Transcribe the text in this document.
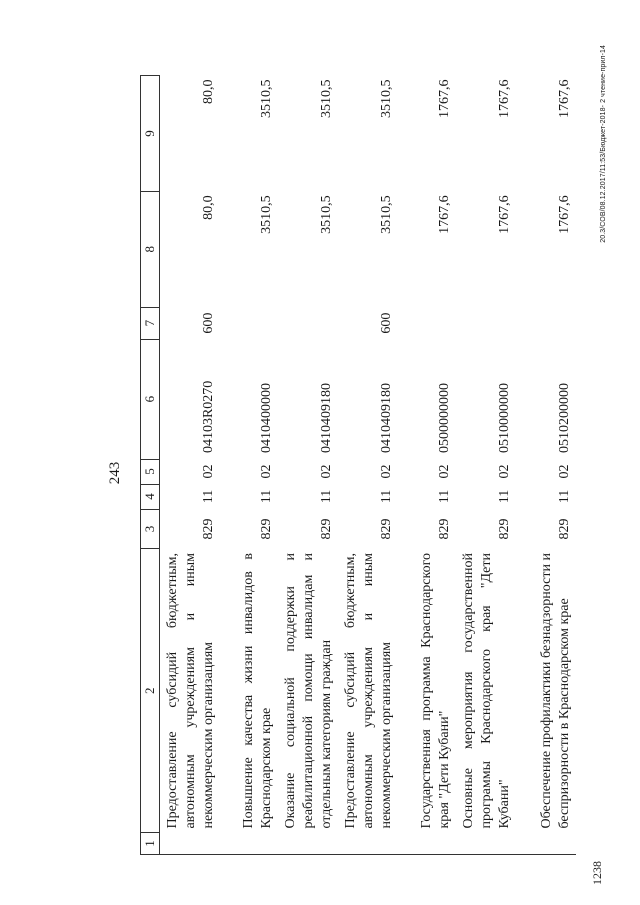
243
1	2	3	4	5	6	7	8	9
	Предоставление субсидий бюджетным, автономным учреждениям и иным некоммерческим организациям	829	11	02	04103R0270	600	80,0	80,0
	Повышение качества жизни инвалидов в Краснодарском крае	829	11	02	0410400000		3510,5	3510,5
	Оказание социальной поддержки и реабилитационной помощи инвалидам и отдельным категориям граждан	829	11	02	0410409180		3510,5	3510,5
	Предоставление субсидий бюджетным, автономным учреждениям и иным некоммерческим организациям	829	11	02	0410409180	600	3510,5	3510,5
	Государственная программа Краснодарского края "Дети Кубани"	829	11	02	0500000000		1767,6	1767,6
	Основные мероприятия государственной программы Краснодарского края "Дети Кубани"	829	11	02	0510000000		1767,6	1767,6
	Обеспечение профилактики безнадзорности и беспризорности в Краснодарском крае	829	11	02	0510200000		1767,6	1767,6
1238
20.3/СОВ/08.12.2017/11:53/Бюджет-2018- 2 чтение-прил-14
